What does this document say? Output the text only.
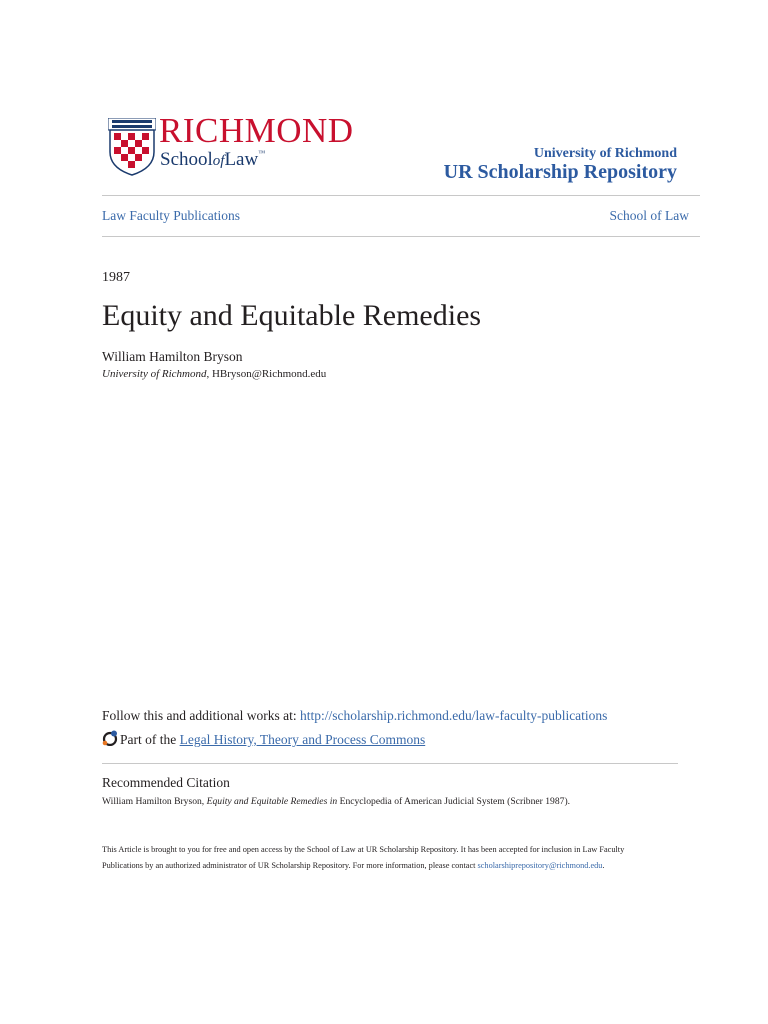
RICHMOND
SchoolofLaw™	University of Richmond
UR Scholarship Repository
Law Faculty Publications	School of Law
1987
Equity and Equitable Remedies
William Hamilton Bryson
University of Richmond, HBryson@Richmond.edu
Follow this and additional works at: http://scholarship.richmond.edu/law-faculty-publications
Part of the Legal History, Theory and Process Commons
Recommended Citation
William Hamilton Bryson, Equity and Equitable Remedies in Encyclopedia of American Judicial System (Scribner 1987).
This Article is brought to you for free and open access by the School of Law at UR Scholarship Repository. It has been accepted for inclusion in Law Faculty Publications by an authorized administrator of UR Scholarship Repository. For more information, please contact scholarshiprepository@richmond.edu.
